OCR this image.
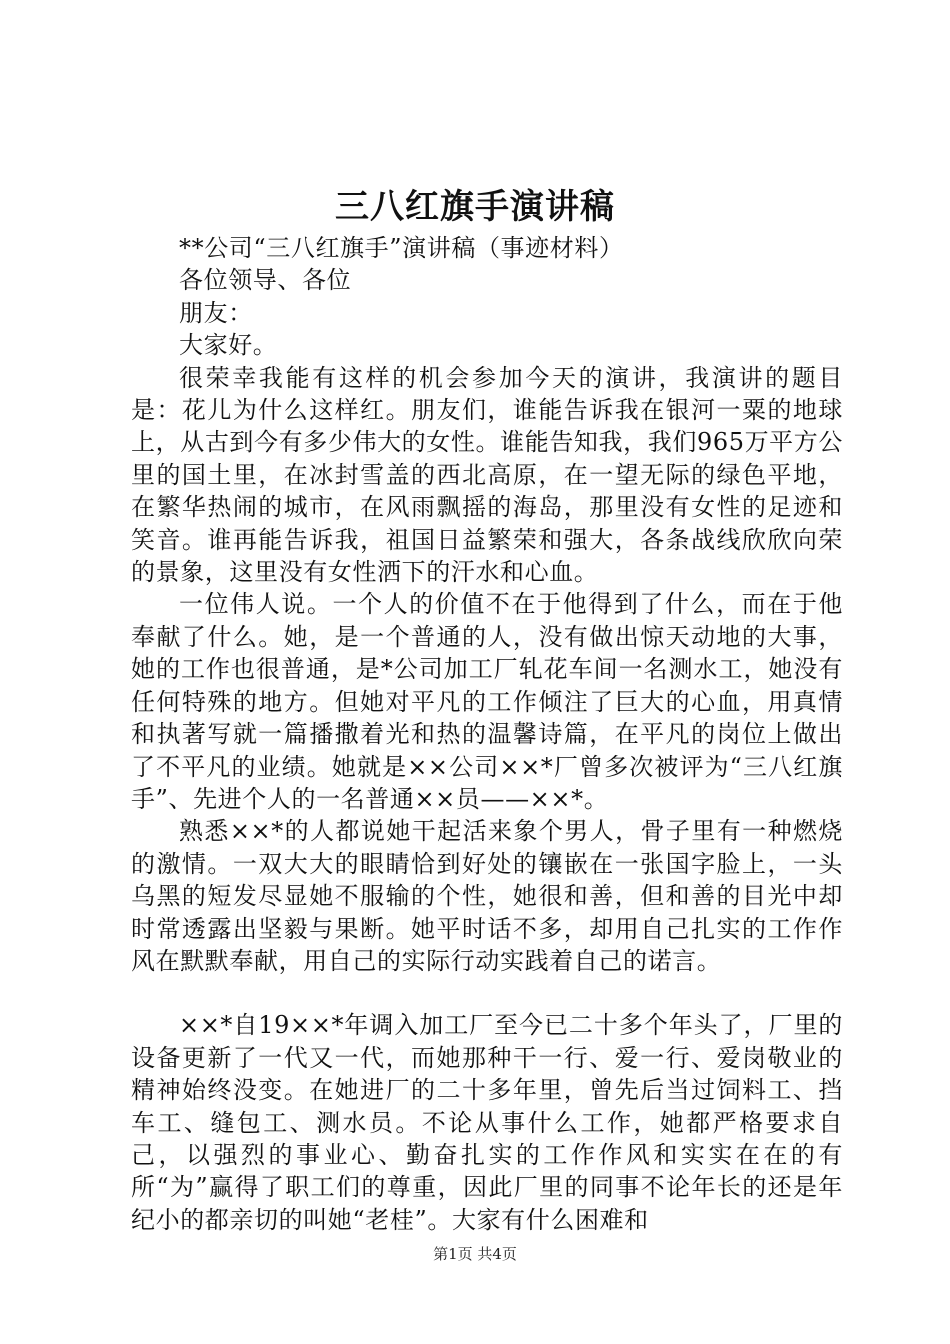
三八红旗手演讲稿

**公司“三八红旗手”演讲稿（事迹材料）

各位领导、各位

朋友：

大家好。

很荣幸我能有这样的机会参加今天的演讲，我演讲的题目是：花儿为什么这样红。朋友们，谁能告诉我在银河一粟的地球上，从古到今有多少伟大的女性。谁能告知我，我们965万平方公里的国土里，在冰封雪盖的西北高原，在一望无际的绿色平地，在繁华热闹的城市，在风雨飘摇的海岛，那里没有女性的足迹和笑音。谁再能告诉我，祖国日益繁荣和强大，各条战线欣欣向荣的景象，这里没有女性洒下的汗水和心血。

一位伟人说。一个人的价值不在于他得到了什么，而在于他奉献了什么。她，是一个普通的人，没有做出惊天动地的大事，她的工作也很普通，是*公司加工厂轧花车间一名测水工，她没有任何特殊的地方。但她对平凡的工作倾注了巨大的心血，用真情和执著写就一篇播撒着光和热的温馨诗篇，在平凡的岗位上做出了不平凡的业绩。她就是××公司××*厂曾多次被评为“三八红旗手”、先进个人的一名普通××员——××*。

熟悉××*的人都说她干起活来象个男人，骨子里有一种燃烧的激情。一双大大的眼睛恰到好处的镶嵌在一张国字脸上，一头乌黑的短发尽显她不服输的个性，她很和善，但和善的目光中却时常透露出坚毅与果断。她平时话不多，却用自己扎实的工作作风在默默奉献，用自己的实际行动实践着自己的诺言。

××*自19××*年调入加工厂至今已二十多个年头了，厂里的设备更新了一代又一代，而她那种干一行、爱一行、爱岗敬业的精神始终没变。在她进厂的二十多年里，曾先后当过饲料工、挡车工、缝包工、测水员。不论从事什么工作，她都严格要求自己，以强烈的事业心、勤奋扎实的工作作风和实实在在的有所“为”赢得了职工们的尊重，因此厂里的同事不论年长的还是年纪小的都亲切的叫她“老桂”。大家有什么困难和

第1页 共4页
